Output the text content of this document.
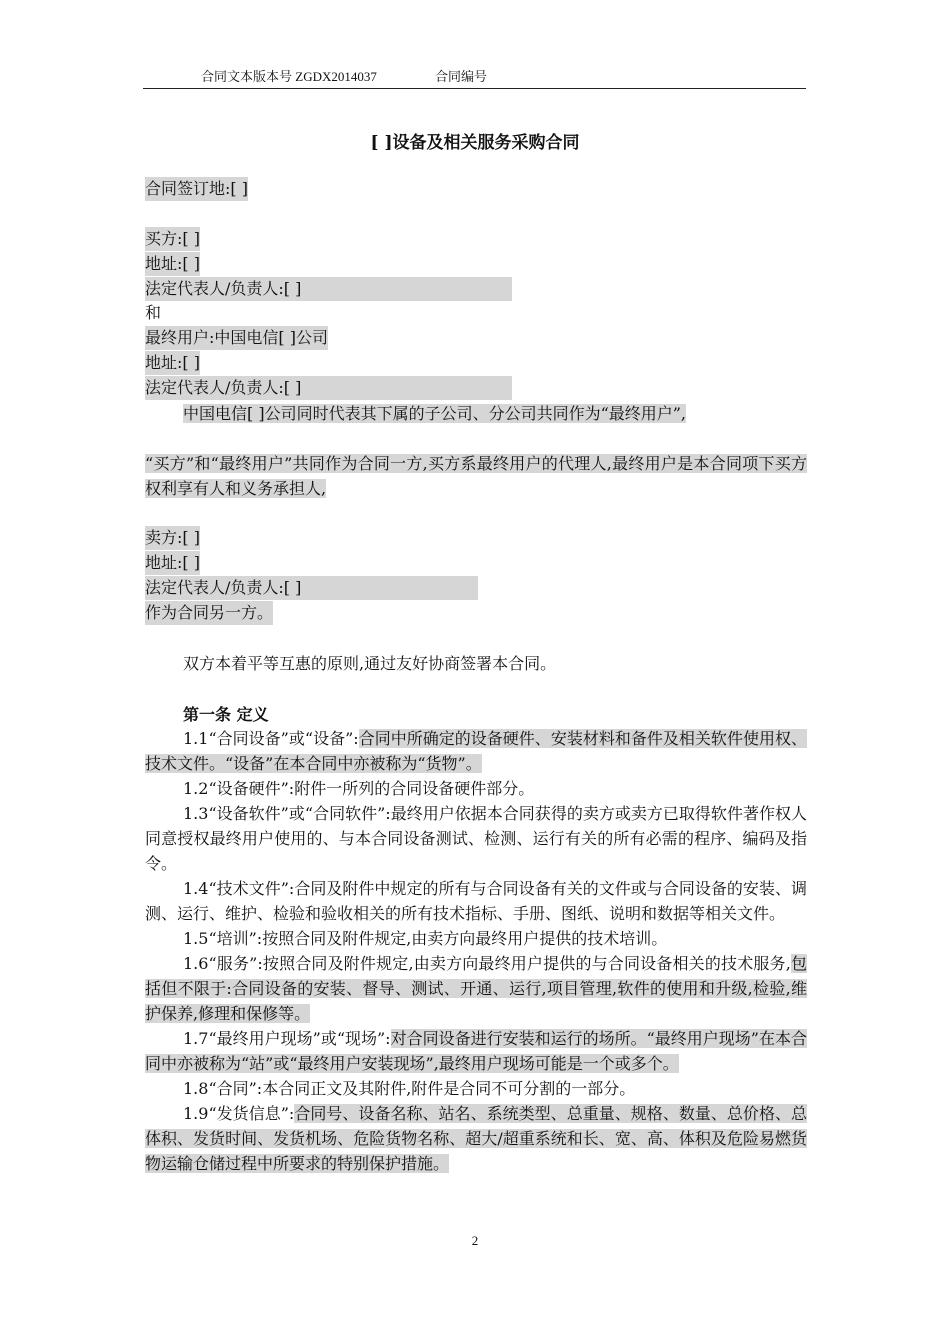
合同文本版本号 ZGDX2014037	合同编号
[ ]设备及相关服务采购合同
合同签订地:[ ]
买方:[ ]
地址:[ ]
法定代表人/负责人:[ ]
和
最终用户:中国电信[ ]公司
地址:[ ]
法定代表人/负责人:[ ]

中国电信[ ]公司同时代表其下属的子公司、分公司共同作为“最终用户”,

“买方”和“最终用户”共同作为合同一方,买方系最终用户的代理人,最终用户是本合同项下买方权利享有人和义务承担人,

卖方:[ ]
地址:[ ]
法定代表人/负责人:[ ]
作为合同另一方。

双方本着平等互惠的原则,通过友好协商签署本合同。

第一条 定义

1.1“合同设备”或“设备”:合同中所确定的设备硬件、安装材料和备件及相关软件使用权、技术文件。“设备”在本合同中亦被称为“货物”。

1.2“设备硬件”:附件一所列的合同设备硬件部分。

1.3“设备软件”或“合同软件”:最终用户依据本合同获得的卖方或卖方已取得软件著作权人同意授权最终用户使用的、与本合同设备测试、检测、运行有关的所有必需的程序、编码及指令。

1.4“技术文件”:合同及附件中规定的所有与合同设备有关的文件或与合同设备的安装、调测、运行、维护、检验和验收相关的所有技术指标、手册、图纸、说明和数据等相关文件。

1.5“培训”:按照合同及附件规定,由卖方向最终用户提供的技术培训。

1.6“服务”:按照合同及附件规定,由卖方向最终用户提供的与合同设备相关的技术服务,包括但不限于:合同设备的安装、督导、测试、开通、运行,项目管理,软件的使用和升级,检验,维护保养,修理和保修等。

1.7“最终用户现场”或“现场”:对合同设备进行安装和运行的场所。“最终用户现场”在本合同中亦被称为“站”或“最终用户安装现场”,最终用户现场可能是一个或多个。

1.8“合同”:本合同正文及其附件,附件是合同不可分割的一部分。

1.9“发货信息”:合同号、设备名称、站名、系统类型、总重量、规格、数量、总价格、总体积、发货时间、发货机场、危险货物名称、超大/超重系统和长、宽、高、体积及危险易燃货物运输仓储过程中所要求的特别保护措施。

2
